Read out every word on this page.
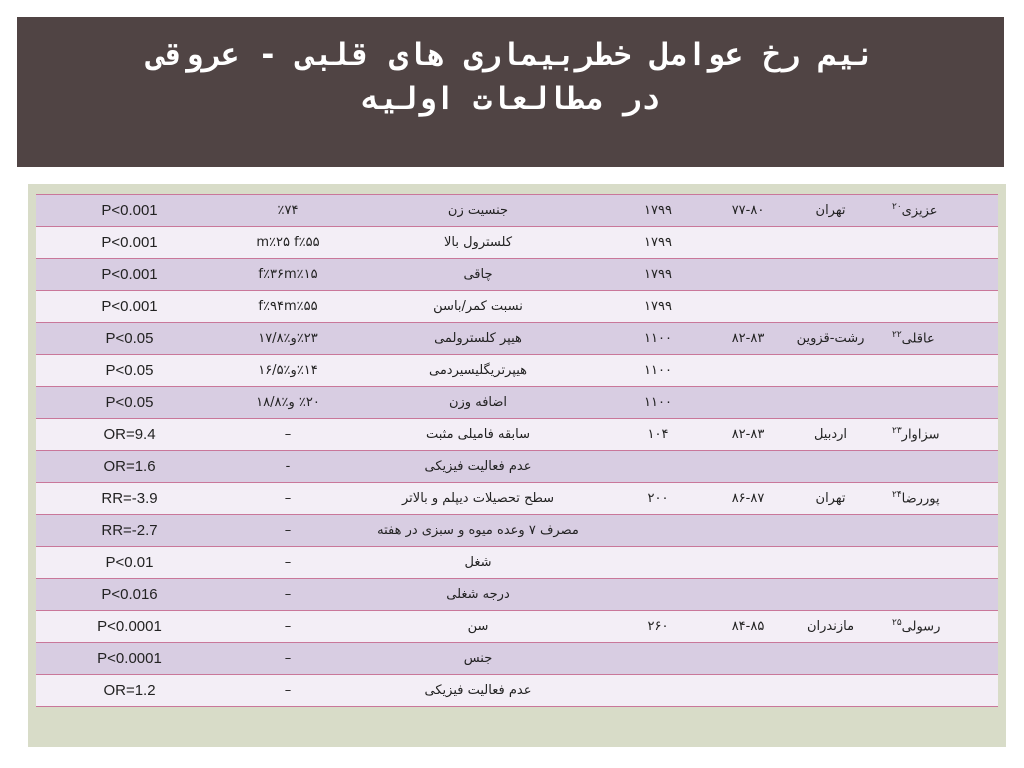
نیم رخ عوامل خطربیماری های قلبی - عروقی
در مطالعات اولیه
P<0.001	٪۷۴	جنسیت زن	۱۷۹۹	۷۷-۸۰	تهران	عزیزی$^{۲۰}$
P<0.001	m٪۲۵ f٪۵۵	کلسترول بالا	۱۷۹۹			
P<0.001	f٪۳۶m٪۱۵	چاقی	۱۷۹۹			
P<0.001	f٪۹۴m٪۵۵	نسبت کمر/باسن	۱۷۹۹			
P<0.05	٪۲۳و٪۱۷/۸	هیپر کلسترولمی	۱۱۰۰	۸۲-۸۳	رشت-قزوین	عاقلی$^{۲۲}$
P<0.05	٪۱۴و٪۱۶/۵	هیپرتریگلیسیردمی	۱۱۰۰			
P<0.05	٪۲۰ و٪۱۸/۸	اضافه وزن	۱۱۰۰			
OR=9.4	–	سابقه فامیلی مثبت	۱۰۴	۸۲-۸۳	اردبیل	سزاوار$^{۲۳}$
OR=1.6	-	عدم فعالیت فیزیکی				
RR=-3.9	–	سطح تحصیلات دیپلم و بالاتر	۲۰۰	۸۶-۸۷	تهران	پوررضا$^{۲۴}$
RR=-2.7	–	مصرف ۷ وعده میوه و سبزی در هفته				
P<0.01	–	شغل				
P<0.016	–	درجه شغلی				
P<0.0001	–	سن	۲۶۰	۸۴-۸۵	مازندران	رسولی$^{۲۵}$
P<0.0001	–	جنس				
OR=1.2	–	عدم فعالیت فیزیکی				
